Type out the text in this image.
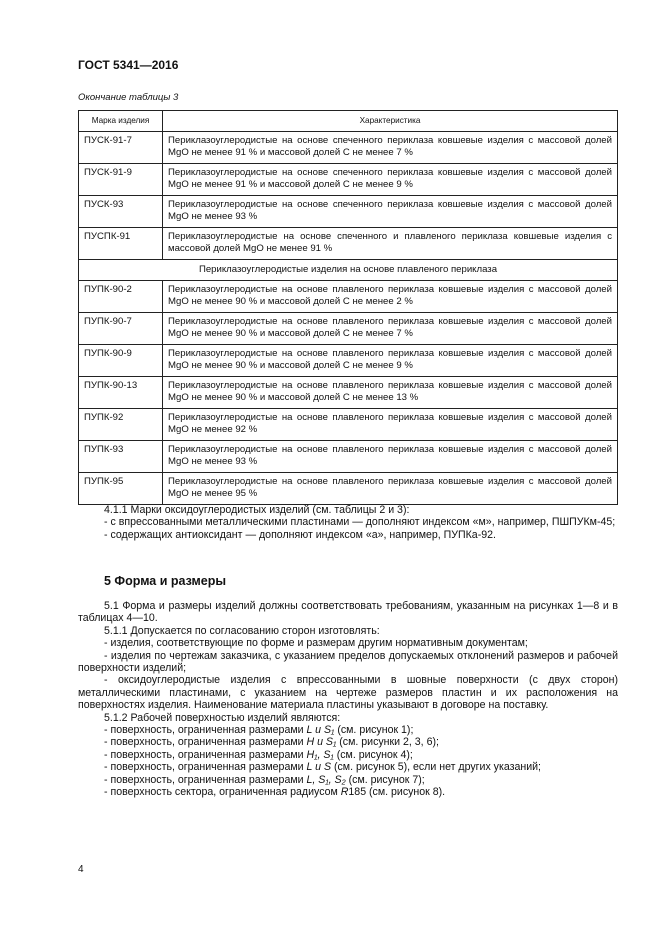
ГОСТ 5341—2016
Окончание таблицы 3
Марка изделия	Характеристика
ПУСК-91-7	Периклазоуглеродистые на основе спеченного периклаза ковшевые изделия с массовой долей MgO не менее 91 % и массовой долей С не менее 7 %
ПУСК-91-9	Периклазоуглеродистые на основе спеченного периклаза ковшевые изделия с массовой долей MgO не менее 91 % и массовой долей С не менее 9 %
ПУСК-93	Периклазоуглеродистые на основе спеченного периклаза ковшевые изделия с массовой долей MgO не менее 93 %
ПУСПК-91	Периклазоуглеродистые на основе спеченного и плавленого периклаза ковшевые изделия с массовой долей MgO не менее 91 %
Периклазоуглеродистые изделия на основе плавленого периклаза	
ПУПК-90-2	Периклазоуглеродистые на основе плавленого периклаза ковшевые изделия с массовой долей MgO не менее 90 % и массовой долей С не менее 2 %
ПУПК-90-7	Периклазоуглеродистые на основе плавленого периклаза ковшевые изделия с массовой долей MgO не менее 90 % и массовой долей С не менее 7 %
ПУПК-90-9	Периклазоуглеродистые на основе плавленого периклаза ковшевые изделия с массовой долей MgO не менее 90 % и массовой долей С не менее 9 %
ПУПК-90-13	Периклазоуглеродистые на основе плавленого периклаза ковшевые изделия с массовой долей MgO не менее 90 % и массовой долей С не менее 13 %
ПУПК-92	Периклазоуглеродистые на основе плавленого периклаза ковшевые изделия с массовой долей MgO не менее 92 %
ПУПК-93	Периклазоуглеродистые на основе плавленого периклаза ковшевые изделия с массовой долей MgO не менее 93 %
ПУПК-95	Периклазоуглеродистые на основе плавленого периклаза ковшевые изделия с массовой долей MgO не менее 95 %

4.1.1 Марки оксидоуглеродистых изделий (см. таблицы 2 и 3):

- с впрессованными металлическими пластинами — дополняют индексом «м», например, ПШПУКм-45;

- содержащих антиоксидант — дополняют индексом «а», например, ПУПКа-92.

5 Форма и размеры

5.1 Форма и размеры изделий должны соответствовать требованиям, указанным на рисунках 1—8 и в таблицах 4—10.

5.1.1 Допускается по согласованию сторон изготовлять:

- изделия, соответствующие по форме и размерам другим нормативным документам;

- изделия по чертежам заказчика, с указанием пределов допускаемых отклонений размеров и рабочей поверхности изделий;

- оксидоуглеродистые изделия с впрессованными в шовные поверхности (с двух сторон) металлическими пластинами, с указанием на чертеже размеров пластин и их расположения на поверхностях изделия. Наименование материала пластины указывают в договоре на поставку.

5.1.2 Рабочей поверхностью изделий являются:

- поверхность, ограниченная размерами L и S₁ (см. рисунок 1);

- поверхность, ограниченная размерами H и S₁ (см. рисунки 2, 3, 6);

- поверхность, ограниченная размерами H₁, S₁ (см. рисунок 4);

- поверхность, ограниченная размерами L и S (см. рисунок 5), если нет других указаний;

- поверхность, ограниченная размерами L, S₁, S₂ (см. рисунок 7);

- поверхность сектора, ограниченная радиусом R185 (см. рисунок 8).

4
